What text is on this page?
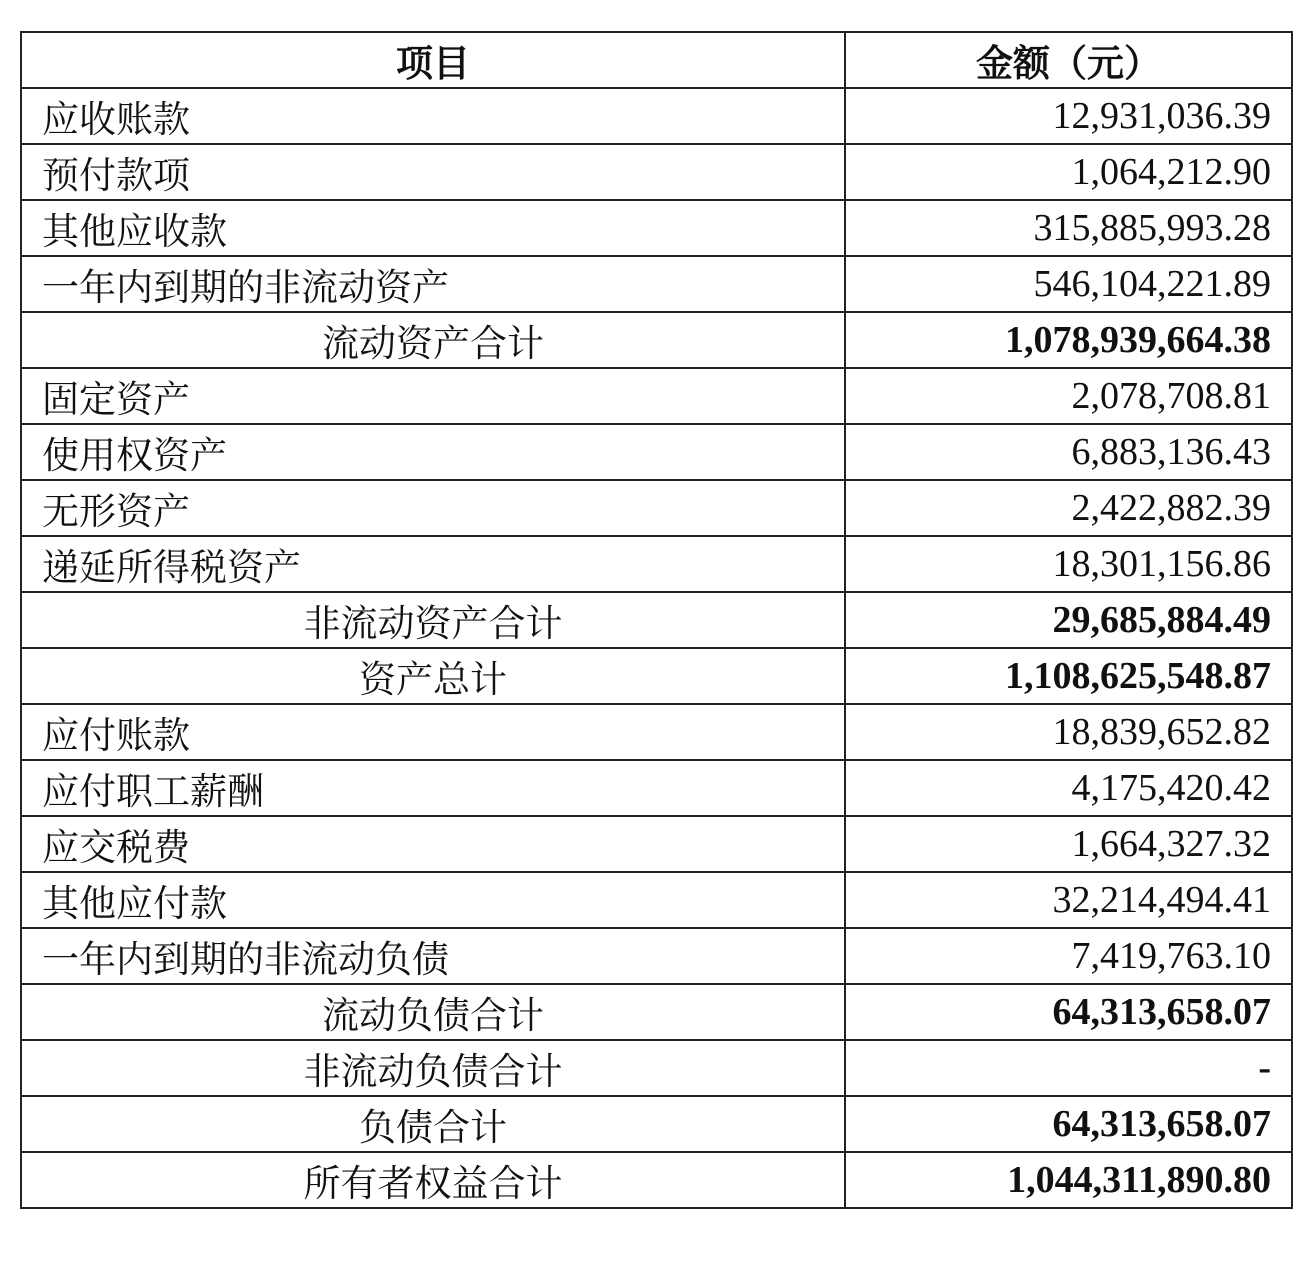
项目	金额（元）
应收账款	12,931,036.39
预付款项	1,064,212.90
其他应收款	315,885,993.28
一年内到期的非流动资产	546,104,221.89
流动资产合计	1,078,939,664.38
固定资产	2,078,708.81
使用权资产	6,883,136.43
无形资产	2,422,882.39
递延所得税资产	18,301,156.86
非流动资产合计	29,685,884.49
资产总计	1,108,625,548.87
应付账款	18,839,652.82
应付职工薪酬	4,175,420.42
应交税费	1,664,327.32
其他应付款	32,214,494.41
一年内到期的非流动负债	7,419,763.10
流动负债合计	64,313,658.07
非流动负债合计	-
负债合计	64,313,658.07
所有者权益合计	1,044,311,890.80
